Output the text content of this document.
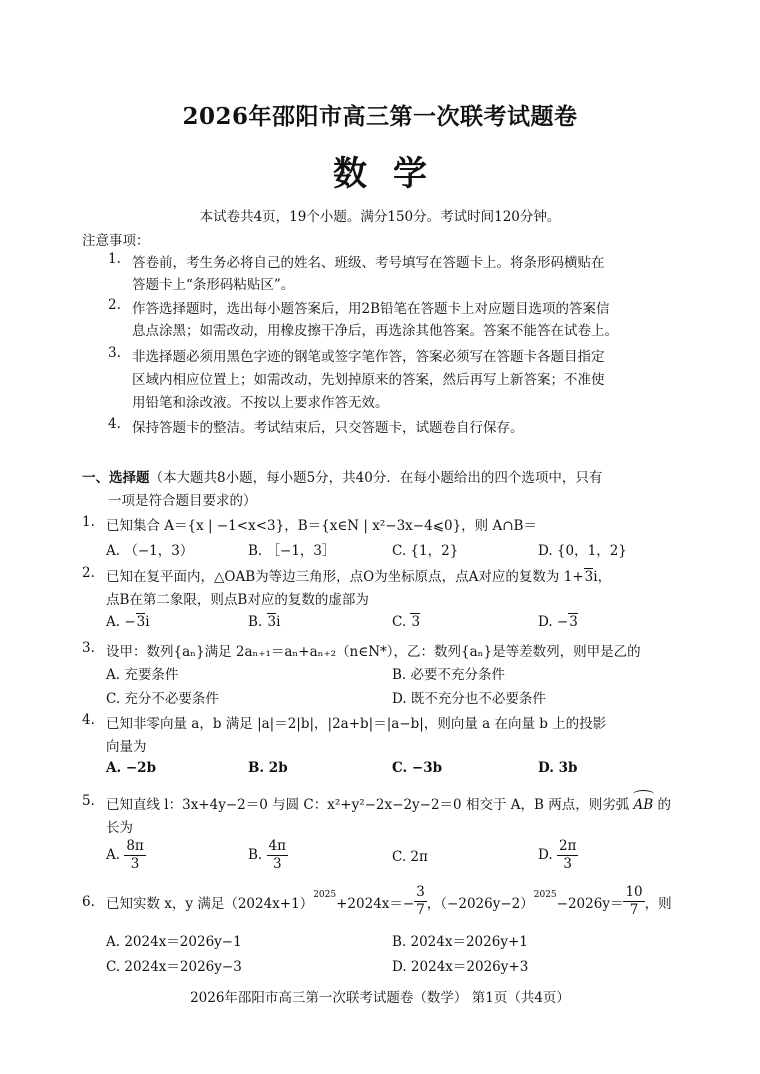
2026年邵阳市高三第一次联考试题卷
数学
本试卷共4页，19个小题。满分150分。考试时间120分钟。
注意事项：
1. 答卷前，考生务必将自己的姓名、班级、考号填写在答题卡上。将条形码横贴在
答题卡上“条形码粘贴区”。
2. 作答选择题时，选出每小题答案后，用2B铅笔在答题卡上对应题目选项的答案信
息点涂黑；如需改动，用橡皮擦干净后，再选涂其他答案。答案不能答在试卷上。
3. 非选择题必须用黑色字迹的钢笔或签字笔作答，答案必须写在答题卡各题目指定
区域内相应位置上；如需改动，先划掉原来的答案，然后再写上新答案；不准使
用铅笔和涂改液。不按以上要求作答无效。
4. 保持答题卡的整洁。考试结束后，只交答题卡，试题卷自行保存。
一、选择题（本大题共8小题，每小题5分，共40分．在每小题给出的四个选项中，只有
一项是符合题目要求的）
1. 已知集合 A＝{x | −1<x<3}，B＝{x∈N | x²−3x−4⩽0}，则 A∩B＝
A. （−1，3）	B. ［−1，3］	C. {1，2}	D. {0，1，2}
2. 已知在复平面内，△OAB为等边三角形，点O为坐标原点，点A对应的复数为 1+3i，
点B在第二象限，则点B对应的复数的虚部为
A. −3i	B. 3i	C. 3	D. −3
3. 设甲：数列{aₙ}满足 2aₙ₊₁＝aₙ+aₙ₊₂（n∈N*），乙：数列{aₙ}是等差数列，则甲是乙的
A. 充要条件	B. 必要不充分条件
C. 充分不必要条件	D. 既不充分也不必要条件
4. 已知非零向量 a，b 满足 |a|＝2|b|，|2a+b|＝|a−b|，则向量 a 在向量 b 上的投影
向量为
A. −2b	B. 2b	C. −3b	D. 3b
5. 已知直线 l：3x+4y−2＝0 与圆 C：x²+y²−2x−2y−2＝0 相交于 A，B 两点，则劣弧 AB 的
长为
A. $\frac{8\pi}{3}$	B. $\frac{4\pi}{3}$	C. 2π	D. $\frac{2\pi}{3}$
6. 已知实数 x，y 满足（2024x+1）
$^{2025}$
$+2024x=- \frac{3}{7}$ ，（−2026y−2）
$^{2025}$
$-2026y= \frac{10}{7}$ ，则
A. 2024x＝2026y−1	B. 2024x＝2026y+1
C. 2024x＝2026y−3	D. 2024x＝2026y+3
2026年邵阳市高三第一次联考试题卷（数学） 第1页（共4页）
